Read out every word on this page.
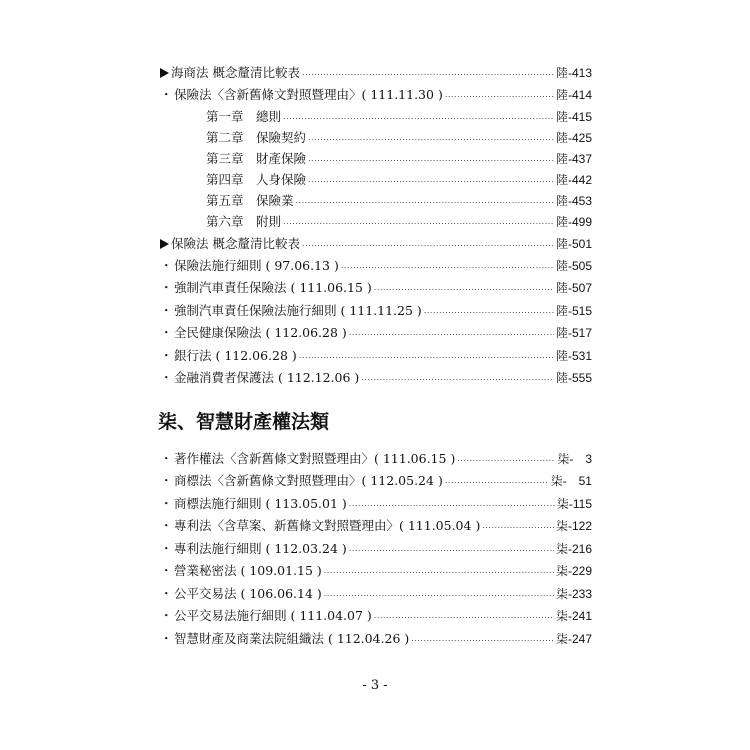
海商法 概念釐清比較表 .....	陸-413
・保險法〈含新舊條文對照暨理由〉( 111.11.30 ) .....	陸-414
第一章　總則 .....	陸-415
第二章　保險契約 .....	陸-425
第三章　財產保險 .....	陸-437
第四章　人身保險 .....	陸-442
第五章　保險業 .....	陸-453
第六章　附則 .....	陸-499
保險法 概念釐清比較表 .....	陸-501
・保險法施行細則 ( 97.06.13 ) .....	陸-505
・強制汽車責任保險法 ( 111.06.15 ) .....	陸-507
・強制汽車責任保險法施行細則 ( 111.11.25 ) .....	陸-515
・全民健康保險法 ( 112.06.28 ) .....	陸-517
・銀行法 ( 112.06.28 ) .....	陸-531
・金融消費者保護法 ( 112.12.06 ) .....	陸-555
柒、智慧財產權法類
・著作權法〈含新舊條文對照暨理由〉( 111.06.15 ) .....	柒-　3
・商標法〈含新舊條文對照暨理由〉( 112.05.24 ) .....	柒-　51
・商標法施行細則 ( 113.05.01 ) .....	柒-115
・專利法〈含草案、新舊條文對照暨理由〉( 111.05.04 ) .....	柒-122
・專利法施行細則 ( 112.03.24 ) .....	柒-216
・營業秘密法 ( 109.01.15 ) .....	柒-229
・公平交易法 ( 106.06.14 ) .....	柒-233
・公平交易法施行細則 ( 111.04.07 ) .....	柒-241
・智慧財產及商業法院組織法 ( 112.04.26 ) .....	柒-247
- 3 -
